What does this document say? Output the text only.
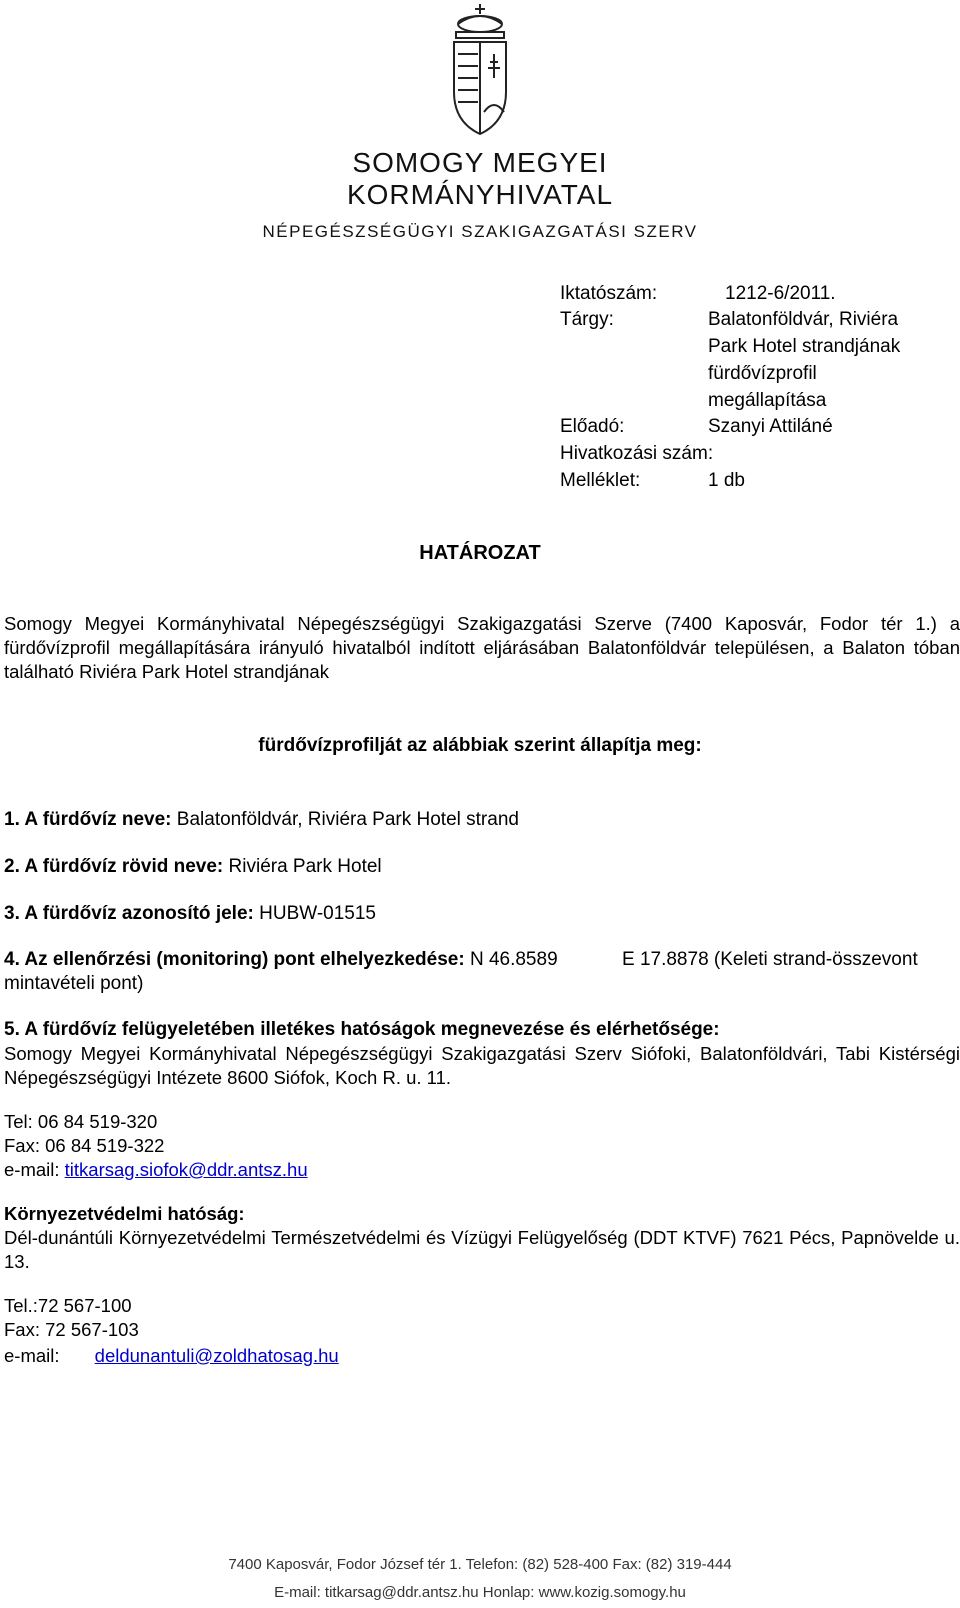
SOMOGY MEGYEI
KORMÁNYHIVATAL
NÉPEGÉSZSÉGÜGYI SZAKIGAZGATÁSI SZERV
Iktatószám:	1212-6/2011.
Tárgy:	Balatonföldvár, Riviéra Park Hotel strandjának fürdővízprofil megállapítása
Előadó:	Szanyi Attiláné
Hivatkozási szám:
Melléklet:	1 db
HATÁROZAT
Somogy Megyei Kormányhivatal Népegészségügyi Szakigazgatási Szerve (7400 Kaposvár, Fodor tér 1.) a fürdővízprofil megállapítására irányuló hivatalból indított eljárásában Balatonföldvár településen, a Balaton tóban található Riviéra Park Hotel strandjának
fürdővízprofilját az alábbiak szerint állapítja meg:
1. A fürdővíz neve: Balatonföldvár, Riviéra Park Hotel strand
2. A fürdővíz rövid neve: Riviéra Park Hotel
3. A fürdővíz azonosító jele: HUBW-01515
4. Az ellenőrzési (monitoring) pont elhelyezkedése: N 46.8589	E 17.8878 (Keleti strand-összevont
mintavételi pont)
5. A fürdővíz felügyeletében illetékes hatóságok megnevezése és elérhetősége:
Somogy Megyei Kormányhivatal Népegészségügyi Szakigazgatási Szerv Siófoki, Balatonföldvári, Tabi Kistérségi Népegészségügyi Intézete 8600 Siófok, Koch R. u. 11.
Tel: 06 84 519-320
Fax: 06 84 519-322
e-mail: titkarsag.siofok@ddr.antsz.hu
Környezetvédelmi hatóság:
Dél-dunántúli Környezetvédelmi Természetvédelmi és Vízügyi Felügyelőség (DDT KTVF) 7621 Pécs, Papnövelde u. 13.
Tel.:72 567-100
Fax: 72 567-103
e-mail: deldunantuli@zoldhatosag.hu
7400 Kaposvár, Fodor József tér 1. Telefon: (82) 528-400 Fax: (82) 319-444
E-mail: titkarsag@ddr.antsz.hu Honlap: www.kozig.somogy.hu
